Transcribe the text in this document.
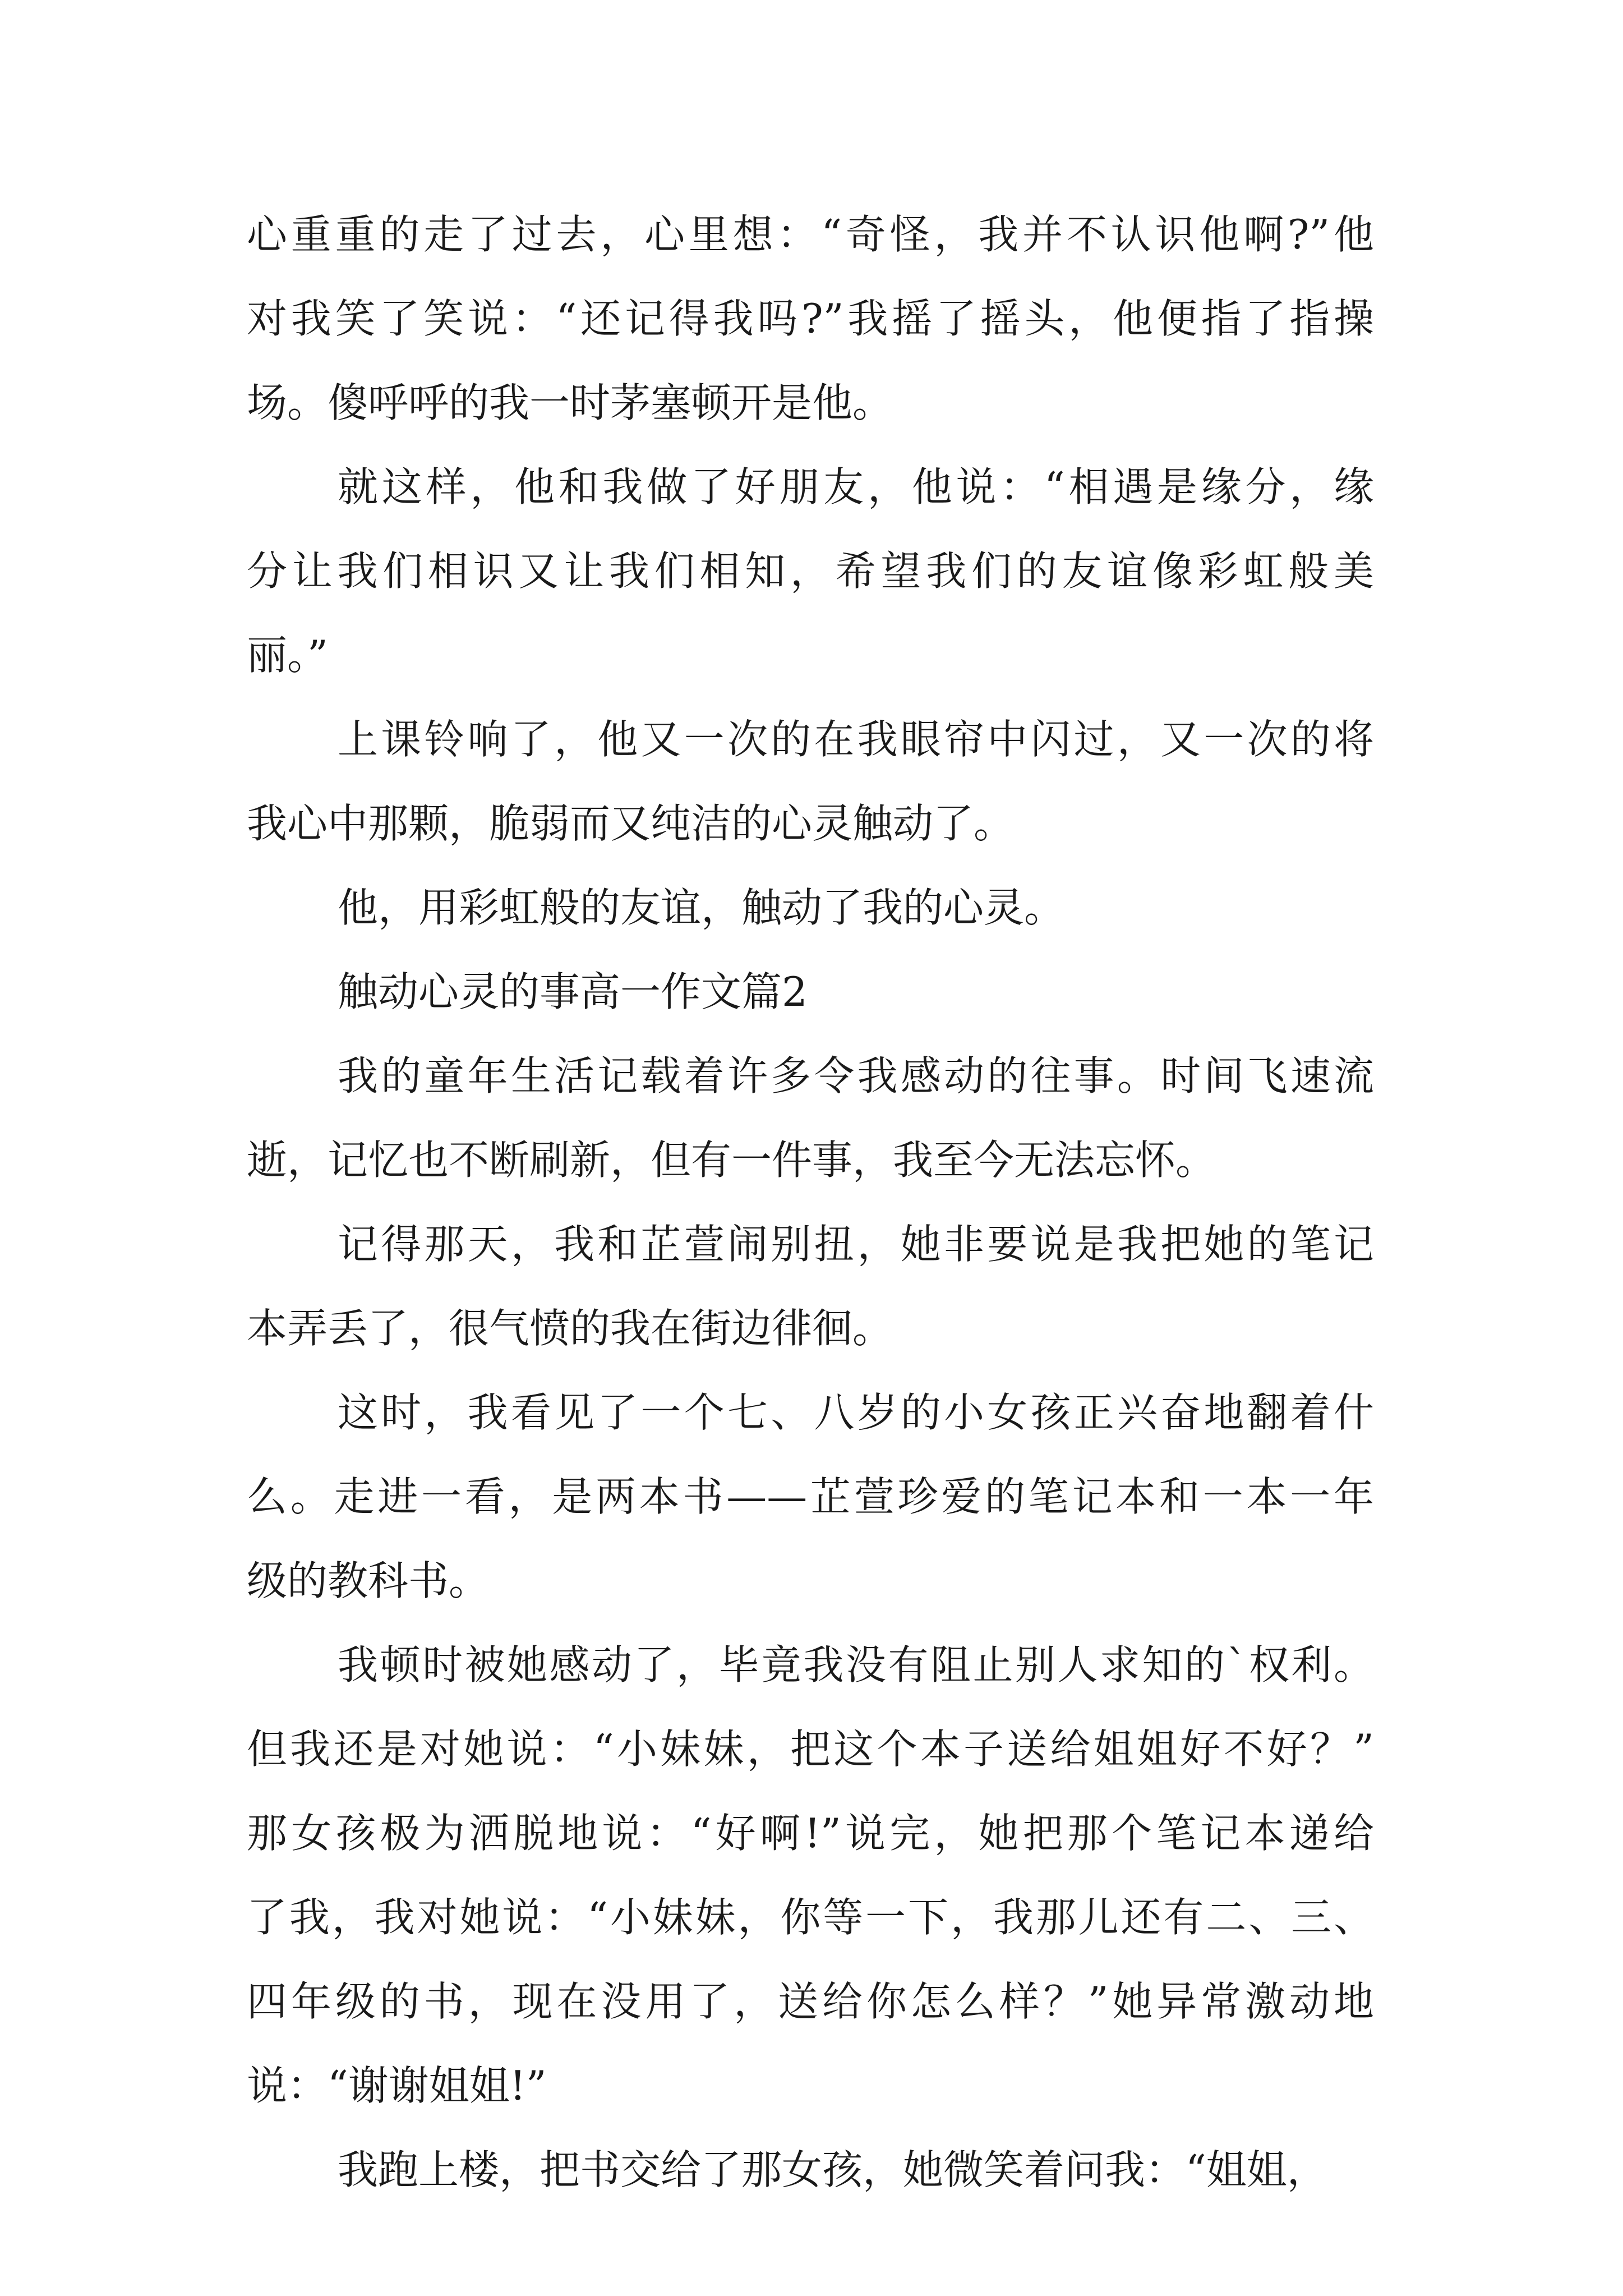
心重重的走了过去，心里想：“奇怪，我并不认识他啊?”他
对我笑了笑说：“还记得我吗?”我摇了摇头，他便指了指操
场。傻呼呼的我一时茅塞顿开是他。
就这样，他和我做了好朋友，他说：“相遇是缘分，缘
分让我们相识又让我们相知，希望我们的友谊像彩虹般美
丽。”
上课铃响了，他又一次的在我眼帘中闪过，又一次的将
我心中那颗，脆弱而又纯洁的心灵触动了。
他，用彩虹般的友谊，触动了我的心灵。
触动心灵的事高一作文篇2
我的童年生活记载着许多令我感动的往事。时间飞速流
逝，记忆也不断刷新，但有一件事，我至今无法忘怀。
记得那天，我和芷萱闹别扭，她非要说是我把她的笔记
本弄丢了，很气愤的我在街边徘徊。
这时，我看见了一个七、八岁的小女孩正兴奋地翻着什
么。走进一看，是两本书——芷萱珍爱的笔记本和一本一年
级的教科书。
我顿时被她感动了，毕竟我没有阻止别人求知的`权利。
但我还是对她说：“小妹妹，把这个本子送给姐姐好不好？”
那女孩极为洒脱地说：“好啊!”说完，她把那个笔记本递给
了我，我对她说：“小妹妹，你等一下，我那儿还有二、三、
四年级的书，现在没用了，送给你怎么样？”她异常激动地
说：“谢谢姐姐!”
我跑上楼，把书交给了那女孩，她微笑着问我：“姐姐，
